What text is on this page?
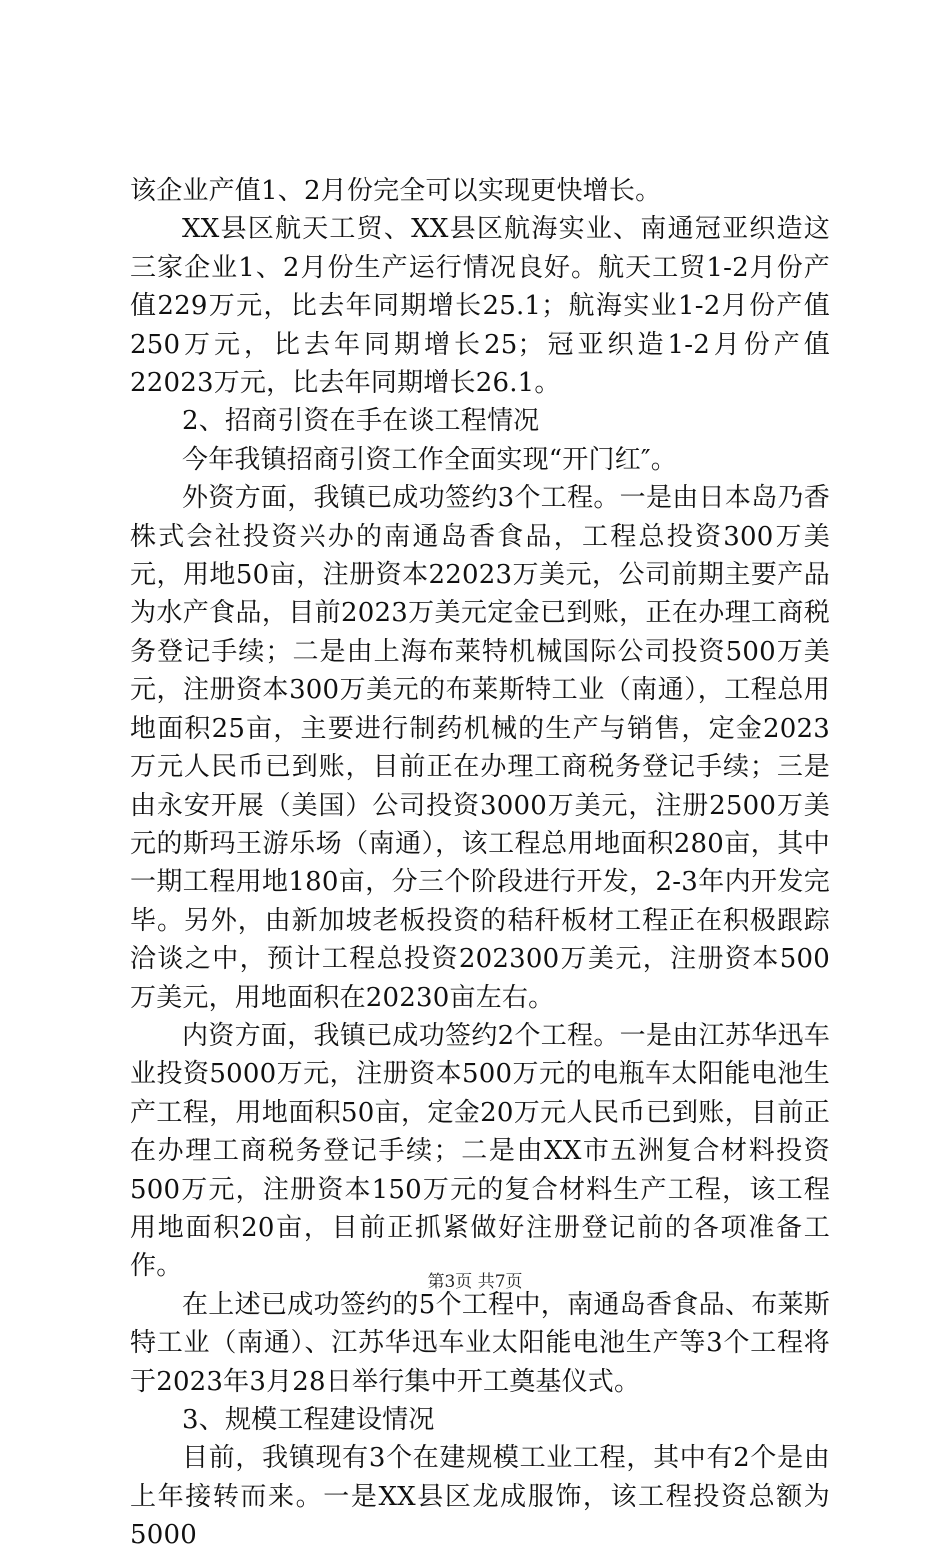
该企业产值1、2月份完全可以实现更快增长。

XX县区航天工贸、XX县区航海实业、南通冠亚织造这三家企业1、2月份生产运行情况良好。航天工贸1-2月份产值229万元，比去年同期增长25.1；航海实业1-2月份产值250万元，比去年同期增长25；冠亚织造1-2月份产值22023万元，比去年同期增长26.1。

2、招商引资在手在谈工程情况

今年我镇招商引资工作全面实现“开门红″。

外资方面，我镇已成功签约3个工程。一是由日本岛乃香株式会社投资兴办的南通岛香食品，工程总投资300万美元，用地50亩，注册资本22023万美元，公司前期主要产品为水产食品，目前2023万美元定金已到账，正在办理工商税务登记手续；二是由上海布莱特机械国际公司投资500万美元，注册资本300万美元的布莱斯特工业（南通），工程总用地面积25亩，主要进行制药机械的生产与销售，定金2023万元人民币已到账，目前正在办理工商税务登记手续；三是由永安开展（美国）公司投资3000万美元，注册2500万美元的斯玛王游乐场（南通），该工程总用地面积280亩，其中一期工程用地180亩，分三个阶段进行开发，2-3年内开发完毕。另外，由新加坡老板投资的秸秆板材工程正在积极跟踪洽谈之中，预计工程总投资202300万美元，注册资本500万美元，用地面积在20230亩左右。

内资方面，我镇已成功签约2个工程。一是由江苏华迅车业投资5000万元，注册资本500万元的电瓶车太阳能电池生产工程，用地面积50亩，定金20万元人民币已到账，目前正在办理工商税务登记手续；二是由XX市五洲复合材料投资500万元，注册资本150万元的复合材料生产工程，该工程用地面积20亩，目前正抓紧做好注册登记前的各项准备工作。

在上述已成功签约的5个工程中，南通岛香食品、布莱斯特工业（南通）、江苏华迅车业太阳能电池生产等3个工程将于2023年3月28日举行集中开工奠基仪式。

3、规模工程建设情况

目前，我镇现有3个在建规模工业工程，其中有2个是由上年接转而来。一是XX县区龙成服饰，该工程投资总额为5000

第3页 共7页
